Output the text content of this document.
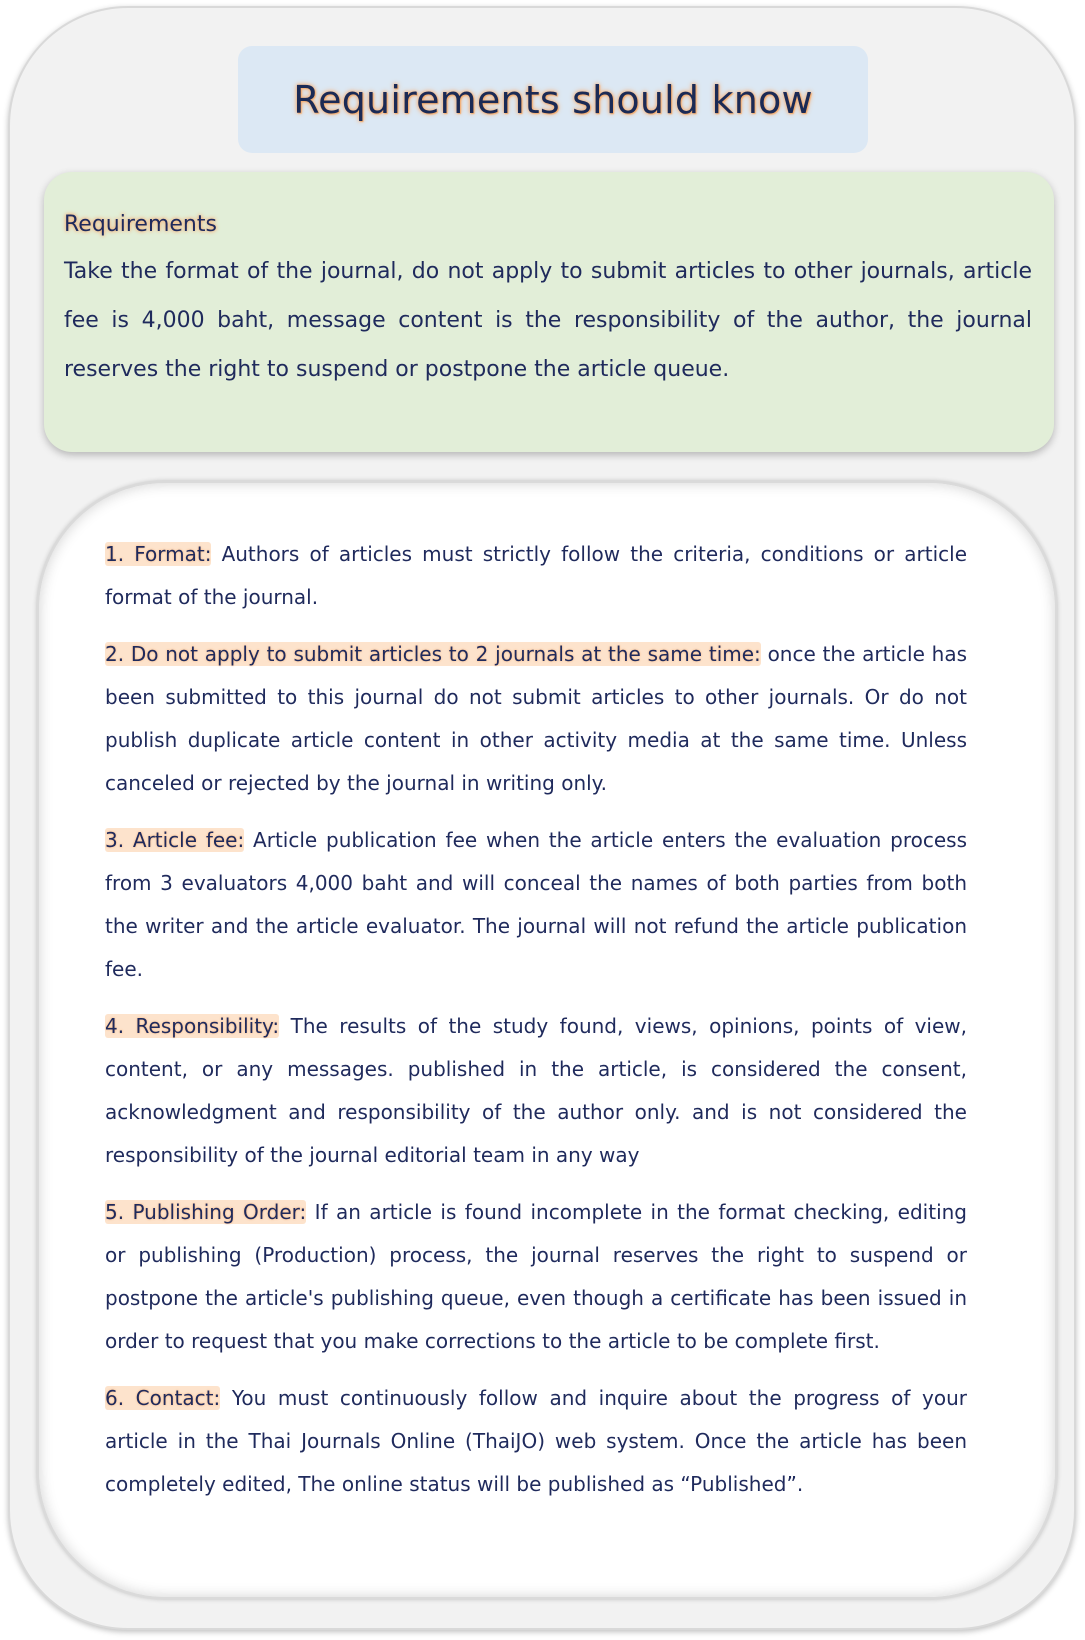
Requirements should know

Requirements

Take the format of the journal, do not apply to submit articles to other journals, article fee is 4,000 baht, message content is the responsibility of the author, the journal reserves the right to suspend or postpone the article queue.

1. Format: Authors of articles must strictly follow the criteria, conditions or article format of the journal.

2. Do not apply to submit articles to 2 journals at the same time: once the article has been submitted to this journal do not submit articles to other journals. Or do not publish duplicate article content in other activity media at the same time. Unless canceled or rejected by the journal in writing only.

3. Article fee: Article publication fee when the article enters the evaluation process from 3 evaluators 4,000 baht and will conceal the names of both parties from both the writer and the article evaluator. The journal will not refund the article publication fee.

4. Responsibility: The results of the study found, views, opinions, points of view, content, or any messages. published in the article, is considered the consent, acknowledgment and responsibility of the author only. and is not considered the responsibility of the journal editorial team in any way

5. Publishing Order: If an article is found incomplete in the format checking, editing or publishing (Production) process, the journal reserves the right to suspend or postpone the article's publishing queue, even though a certificate has been issued in order to request that you make corrections to the article to be complete first.

6. Contact: You must continuously follow and inquire about the progress of your article in the Thai Journals Online (ThaiJO) web system. Once the article has been completely edited, The online status will be published as “Published”.
